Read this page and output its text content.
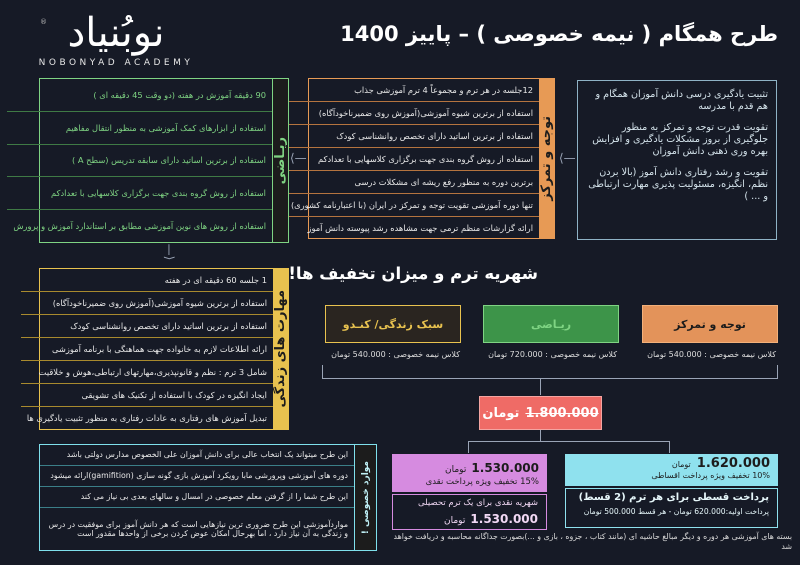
® نوبُنیاد
NOBONYAD ACADEMY
طرح همگام ( نیمه خصوصی ) – پاییز 1400

تثبیت یادگیری درسی دانش آموزان همگام و هم قدم با مدرسه

تقویت قدرت توجه و تمرکز به منظور جلوگیری از بروز مشکلات یادگیری و افزایش بهره وری ذهنی دانش آموزان

تقویت و رشد رفتاری دانش آموز (بالا بردن نظم، انگیزه، مسئولیت پذیری مهارت ارتباطی و ... )

⟨—
توجه و تمرکز
12جلسه در هر ترم و مجموعاً 4 ترم آموزشی جذاب
استفاده از برترین شیوه آموزشی(آموزش روی ضمیرناخودآگاه)
استفاده از برترین اساتید دارای تخصص روانشناسی کودک
استفاده از روش گروه بندی جهت برگزاری کلاسهایی با تعدادکم
برترین دوره به منظور رفع ریشه ای مشکلات درسی
تنها دوره آموزشی تقویت توجه و تمرکز در ایران (با اعتبارنامه کشوری)
ارائه گزارشات منظم ترمی جهت مشاهده رشد پیوسته دانش آموز
⟨—
ریـاضی
90 دقیقه آموزش در هفته (دو وقت 45 دقیقه ای )
استفاده از ابزارهای کمک آموزشی به منظور انتقال مفاهیم
استفاده از برترین اساتید دارای سابقه تدریس (سطح A )
استفاده از روش گروه بندی جهت برگزاری کلاسهایی با تعدادکم
استفاده از روش های نوین آموزشی مطابق بر استاندارد آموزش و پرورش
—⟩
مهارت های زندگی
1 جلسه 60 دقیقه ای در هفته
استفاده از برترین شیوه آموزشی(آموزش روی ضمیرناخودآگاه)
استفاده از برترین اساتید دارای تخصص روانشناسی کودک
ارائه اطلاعات لازم به خانواده جهت هماهنگی با برنامه آموزشی
شامل 3 ترم : نظم و قانونپذیری،مهارتهای ارتباطی،هوش و خلاقیت
ایجاد انگیزه در کودک با استفاده از تکنیک های تشویقی
تبدیل آموزش های رفتاری به عادات رفتاری به منظور تثبیت یادگیری ها
شهریه ترم و میزان تخفیف ها!
توجه و تمرکز
ریـاضی
سبک زندگی/ کنـدو
کلاس نیمه خصوصی : 540.000 تومان
کلاس نیمه خصوصی : 720.000 تومان
کلاس نیمه خصوصی : 540.000 تومان
1.800.000
تومان
1.620.000
تومان
10% تخفیف ویژه پرداخت اقساطی
پرداخت قسطی برای هر ترم (2 قسط)
پرداخت اولیه:620.000 تومان - هر قسط 500.000 تومان
1.530.000 تومان
15% تخفیف ویژه پرداخت نقدی
شهریه نقدی برای یک ترم تحصیلی
1.530.000 تومان
موارد خصوصی !
این طرح میتواند یک انتخاب عالی برای دانش آموزان علی الخصوص مدارس دولتی باشد
دوره های آموزشی وپرورشی مابا رویکرد آموزش بازی گونه سازی (gamifition)ارائه میشود
این طرح شما را از گرفتن معلم خصوصی در امسال و سالهای بعدی بی نیاز می کند
مواردآموزشی این طرح ضروری ترین نیازهایی است که هر دانش آموز برای موفقیت در درس و زندگی به آن نیاز دارد ، اما بهرحال امکان عوض کردن برخی از واحدها مقدور است	بسته های آموزشی هر دوره و دیگر مبالغ حاشیه ای (مانند کتاب ، جزوه ، بازی و ...)بصورت جداگانه محاسبه و دریافت خواهد شد
